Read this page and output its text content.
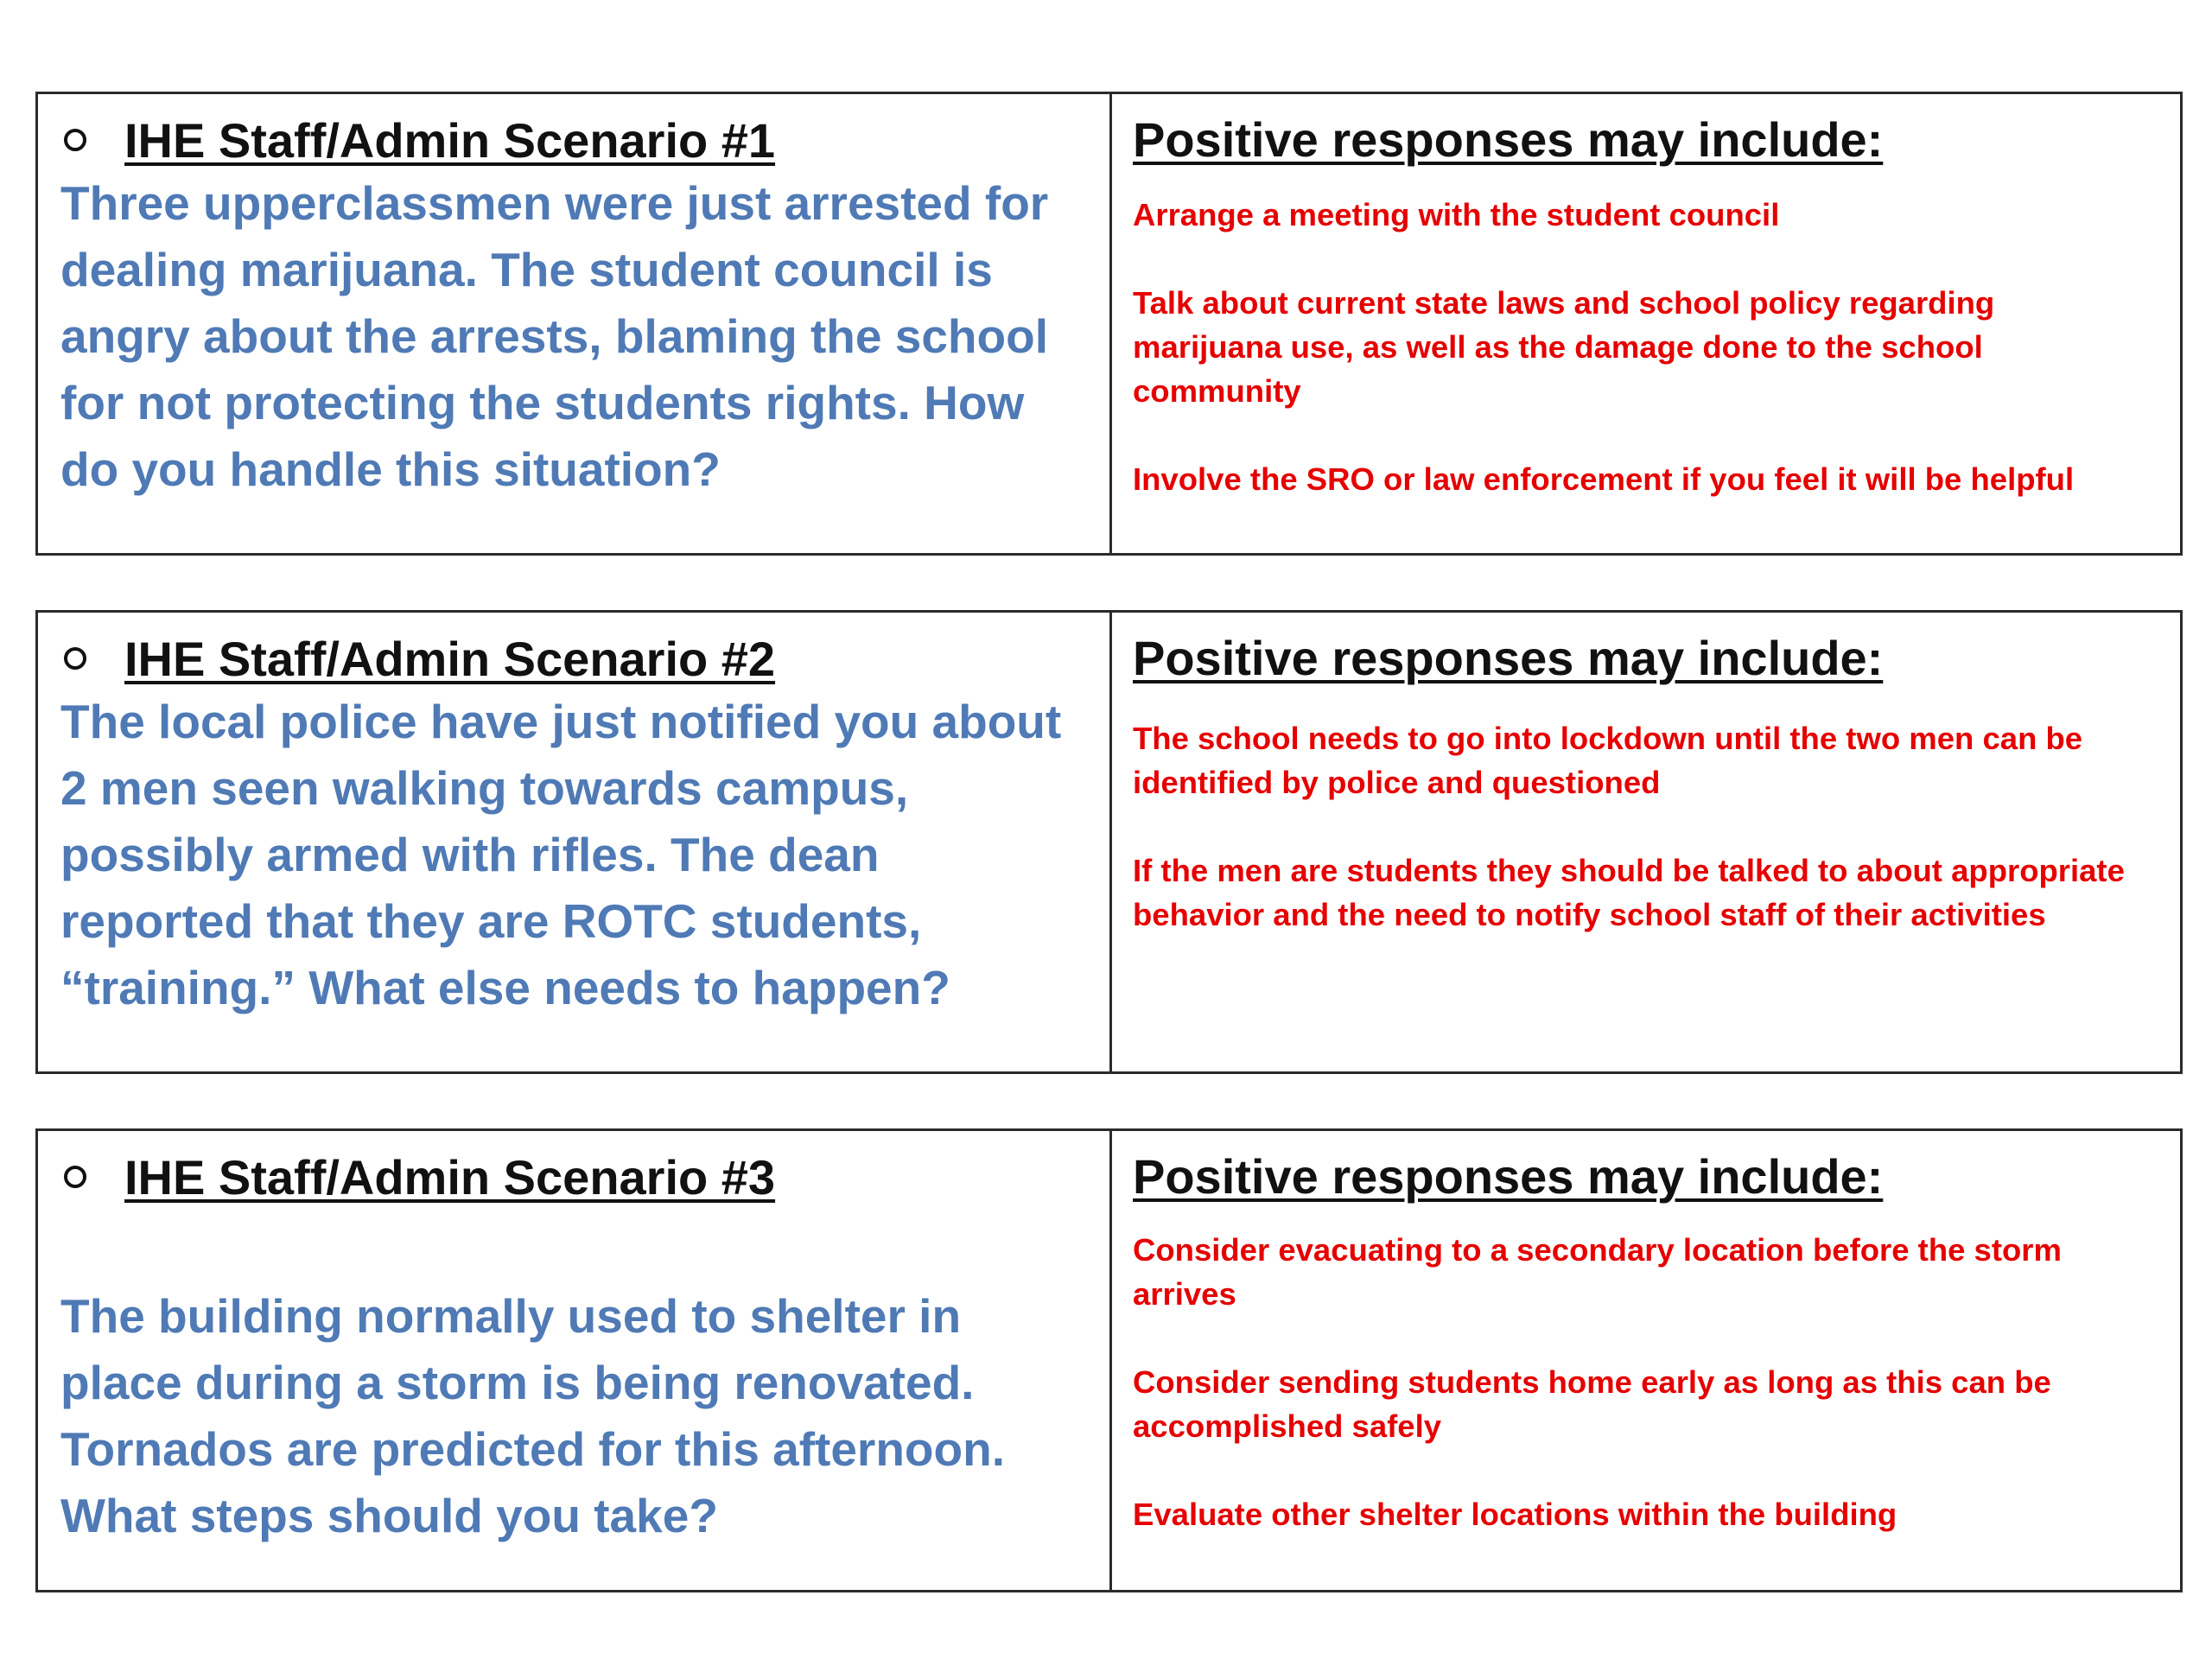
IHE Staff/Admin Scenario #1

Three upperclassmen were just arrested for
dealing marijuana. The student council is
angry about the arrests, blaming the school
for not protecting the students rights. How
do you handle this situation?

Positive responses may include:

Arrange a meeting with the student council

Talk about current state laws and school policy regarding
marijuana use, as well as the damage done to the school
community

Involve the SRO or law enforcement if you feel it will be helpful

IHE Staff/Admin Scenario #2

The local police have just notified you about
2 men seen walking towards campus,
possibly armed with rifles. The dean
reported that they are ROTC students,
“training.” What else needs to happen?

Positive responses may include:

The school needs to go into lockdown until the two men can be
identified by police and questioned

If the men are students they should be talked to about appropriate
behavior and the need to notify school staff of their activities

IHE Staff/Admin Scenario #3

The building normally used to shelter in
place during a storm is being renovated.
Tornados are predicted for this afternoon.
What steps should you take?

Positive responses may include:

Consider evacuating to a secondary location before the storm
arrives

Consider sending students home early as long as this can be
accomplished safely

Evaluate other shelter locations within the building
